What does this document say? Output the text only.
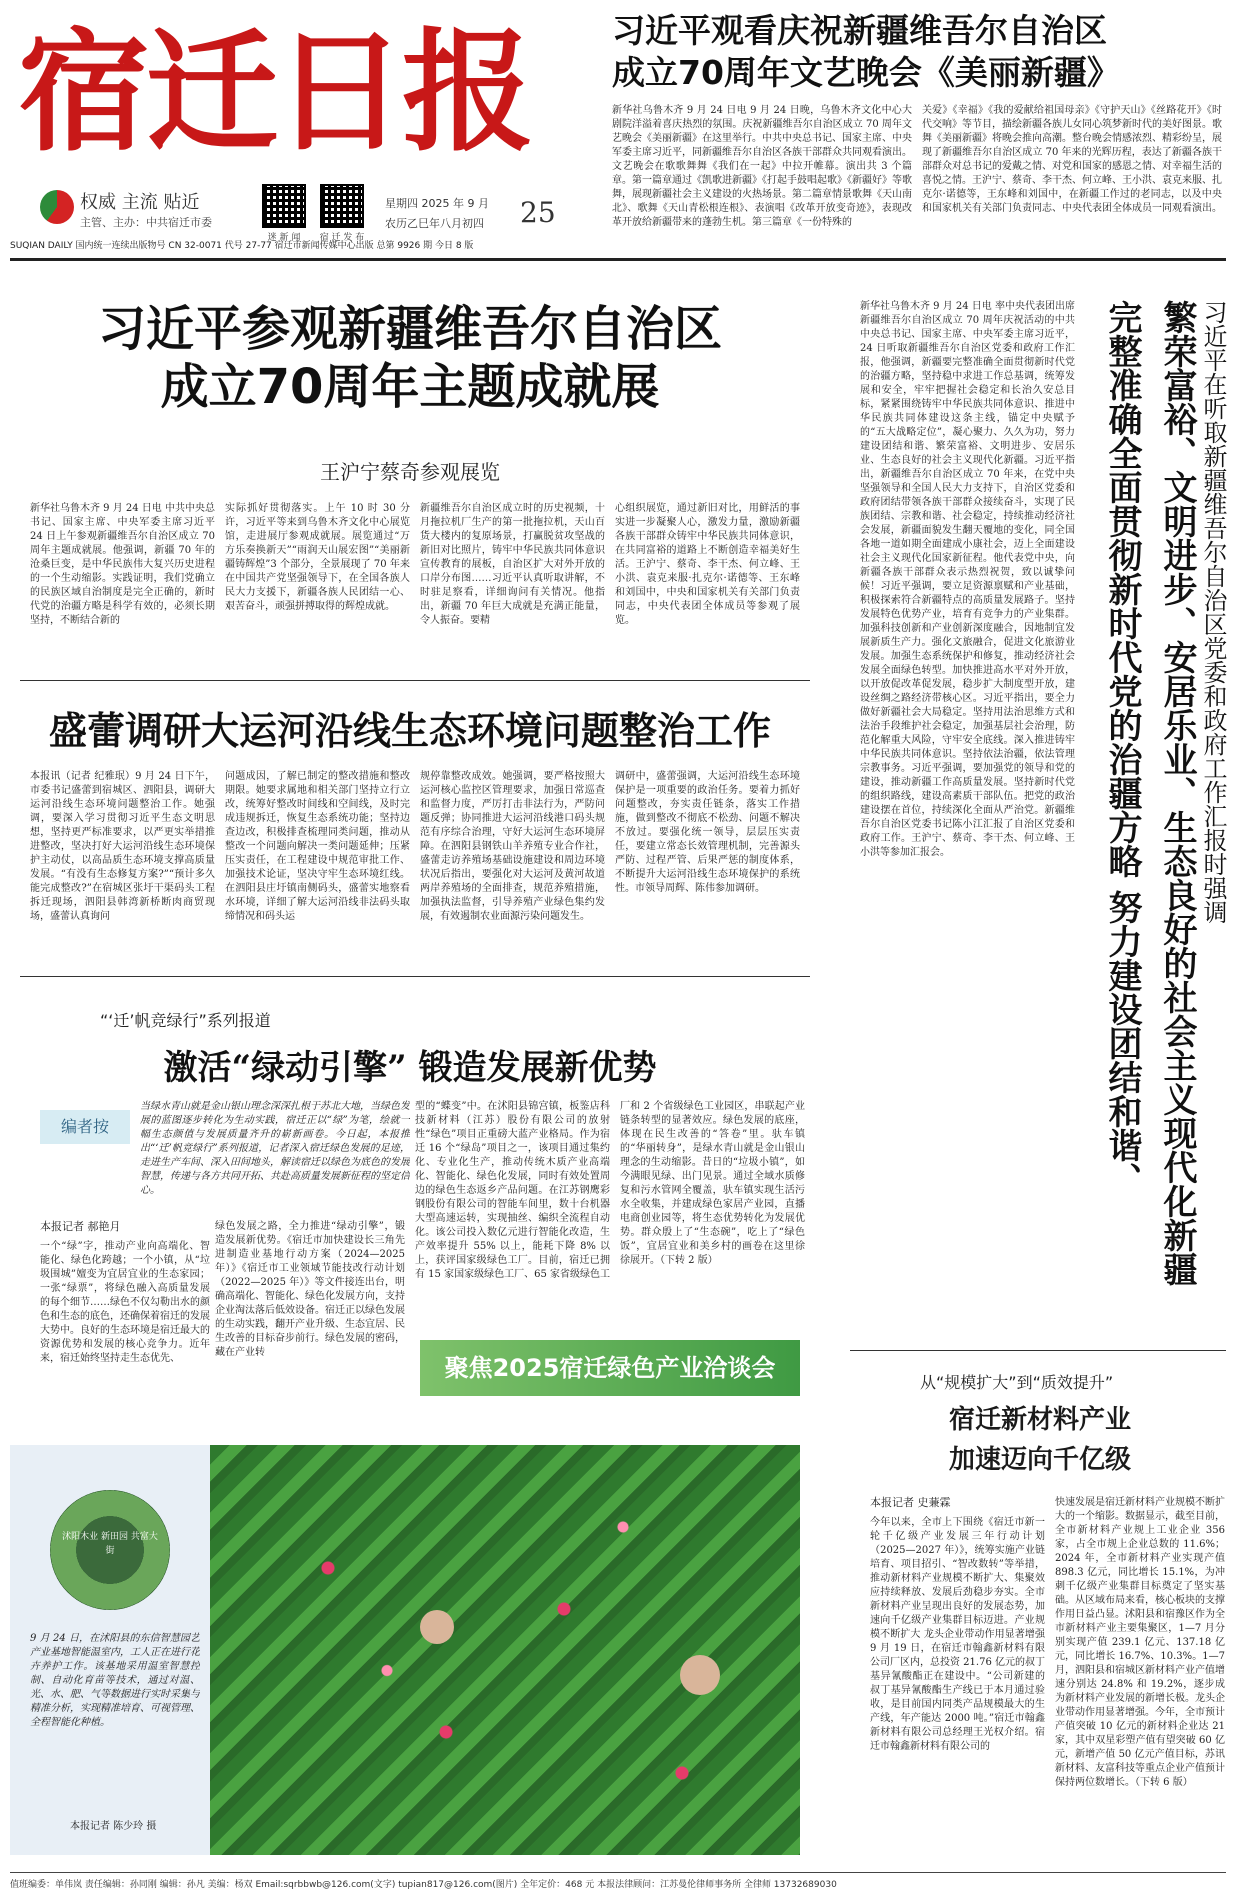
宿迁日报
权威 主流 贴近
主管、主办：中共宿迁市委
迷 新 闻	宿 迁 发 布
星期四 2025 年 9 月
农历乙巳年八月初四	25
SUQIAN DAILY 国内统一连续出版物号 CN 32-0071 代号 27-77 宿迁市新闻传媒中心出版 总第 9926 期 今日 8 版
习近平观看庆祝新疆维吾尔自治区
成立70周年文艺晚会《美丽新疆》
新华社乌鲁木齐 9 月 24 日电 9 月 24 日晚，乌鲁木齐文化中心大剧院洋溢着喜庆热烈的氛围。庆祝新疆维吾尔自治区成立 70 周年文艺晚会《美丽新疆》在这里举行。中共中央总书记、国家主席、中央军委主席习近平，同新疆维吾尔自治区各族干部群众共同观看演出。文艺晚会在歌歌舞舞《我们在一起》中拉开帷幕。演出共 3 个篇章。第一篇章通过《凯歌进新疆》《打起手鼓唱起歌》《新疆好》等歌舞，展现新疆社会主义建设的火热场景。第二篇章情景歌舞《天山南北》、歌舞《天山青松根连根》、表演唱《改革开放变奇迹》，表现改革开放给新疆带来的蓬勃生机。第三篇章《一份特殊的
关爱》《幸福》《我的爱献给祖国母亲》《守护天山》《丝路花开》《时代交响》等节目，描绘新疆各族儿女同心筑梦新时代的美好图景。歌舞《美丽新疆》将晚会推向高潮。整台晚会情感浓烈、精彩纷呈，展现了新疆维吾尔自治区成立 70 年来的光辉历程，表达了新疆各族干部群众对总书记的爱戴之情、对党和国家的感恩之情、对幸福生活的喜悦之情。王沪宁、蔡奇、李干杰、何立峰、王小洪、袁克来服、扎克尔·诺德等，王东峰和刘国中，在新疆工作过的老同志，以及中央和国家机关有关部门负责同志、中央代表团全体成员一同观看演出。
习近平参观新疆维吾尔自治区
成立70周年主题成就展
王沪宁蔡奇参观展览
新华社乌鲁木齐 9 月 24 日电 中共中央总书记、国家主席、中央军委主席习近平 24 日上午参观新疆维吾尔自治区成立 70 周年主题成就展。他强调，新疆 70 年的沧桑巨变，是中华民族伟大复兴历史进程的一个生动缩影。实践证明，我们党确立的民族区域自治制度是完全正确的，新时代党的治疆方略是科学有效的，必须长期坚持，不断结合新的
实际抓好贯彻落实。上午 10 时 30 分许，习近平等来到乌鲁木齐文化中心展览馆，走进展厅参观成就展。展览通过“万方乐奏换新天”“雨润天山展宏图”“美丽新疆铸辉煌”3 个部分，全景展现了 70 年来在中国共产党坚强领导下，在全国各族人民大力支援下，新疆各族人民团结一心、艰苦奋斗，顽强拼搏取得的辉煌成就。
新疆维吾尔自治区成立时的历史视频，十月拖拉机厂生产的第一批拖拉机，天山百货大楼内的复原场景，打赢脱贫攻坚战的新旧对比照片，铸牢中华民族共同体意识宣传教育的展板，自治区扩大对外开放的口岸分布图……习近平认真听取讲解，不时驻足察看，详细询问有关情况。他指出，新疆 70 年巨大成就是充满正能量，令人振奋。要精
心组织展览，通过新旧对比，用鲜活的事实进一步凝聚人心，激发力量，激励新疆各族干部群众铸牢中华民族共同体意识，在共同富裕的道路上不断创造幸福美好生活。王沪宁、蔡奇、李干杰、何立峰、王小洪、袁克来服·扎克尔·诺德等、王东峰和刘国中，中央和国家机关有关部门负责同志，中央代表团全体成员等参观了展览。
盛蕾调研大运河沿线生态环境问题整治工作
本报讯（记者 纪雅珉）9 月 24 日下午，市委书记盛蕾到宿城区、泗阳县，调研大运河沿线生态环境问题整治工作。她强调，要深入学习贯彻习近平生态文明思想，坚持更严标准要求，以严更实举措推进整改，坚决打好大运河沿线生态环境保护主动仗，以高品质生态环境支撑高质量发展。“有没有生态修复方案?”“预计多久能完成整改?”在宿城区张圩干渠码头工程拆迁现场，泗阳县韩湾新桥断肉商贸现场，盛蕾认真询问
问题成因，了解已制定的整改措施和整改期限。她要求属地和相关部门坚持立行立改，统筹好整改时间线和空间线，及时完成违规拆迁，恢复生态系统功能；坚持边查边改，积极排查梳理同类问题，推动从整改一个问题向解决一类问题延伸；压紧压实责任，在工程建设中规范审批工作、加强技术论证，坚决守牢生态环境红线。在泗阳县庄圩镇南侧码头，盛蕾实地察看水环境，详细了解大运河沿线非法码头取缔情况和码头运
规停靠整改成效。她强调，要严格按照大运河核心监控区管理要求，加强日常巡查和监督力度，严厉打击非法行为，严防问题反弹；协同推进大运河沿线港口码头规范有序综合治理，守好大运河生态环境屏障。在泗阳县钢铁山羊养殖专业合作社，盛蕾走访养殖场基础设施建设和周边环境状况后指出，要强化对大运河及黄河故道两岸养殖场的全面排查，规范养殖措施，加强执法监督，引导养殖产业绿色集约发展，有效遏制农业面源污染问题发生。
调研中，盛蕾强调，大运河沿线生态环境保护是一项重要的政治任务。要着力抓好问题整改，夯实责任链条，落实工作措施，做到整改不彻底不松劲、问题不解决不放过。要强化统一领导，层层压实责任，要建立常态长效管理机制，完善源头严防、过程严管、后果严惩的制度体系，不断提升大运河沿线生态环境保护的系统性。市领导周辉、陈伟参加调研。
“‘迁’帆竞绿行”系列报道
激活“绿动引擎” 锻造发展新优势
编者按
当绿水青山就是金山银山理念深深扎根于苏北大地，当绿色发展的蓝图逐步转化为生动实践，宿迁正以“绿”为笔，绘就一幅生态颜值与发展质量齐升的崭新画卷。今日起，本报推出“‘迁’帆竞绿行”系列报道，记者深入宿迁绿色发展的足迹，走进生产车间、深入田间地头，解读宿迁以绿色为底色的发展智慧，传递与各方共同开拓、共赴高质量发展新征程的坚定信心。
本报记者 郝艳月
一个“绿”字，推动产业向高端化、智能化、绿色化跨越；一个小镇，从“垃圾围城”嬗变为宜居宜业的生态家园；一张“绿票”，将绿色融入高质量发展的每个细节……绿色不仅勾勒出水的颜色和生态的底色，还确保着宿迁的发展大势中。良好的生态环境是宿迁最大的资源优势和发展的核心竞争力。近年来，宿迁始终坚持走生态优先、
绿色发展之路，全力推进“绿动引擎”，锻造发展新优势。《宿迁市加快建设长三角先进制造业基地行动方案（2024—2025 年）》《宿迁市工业领域节能技改行动计划（2022—2025 年）》等文件接连出台，明确高端化、智能化、绿色化发展方向，支持企业淘汰落后低效设备。宿迁正以绿色发展的生动实践，翻开产业升级、生态宜居、民生改善的目标奋步前行。绿色发展的密码，藏在产业转
型的“蝶变”中。在沭阳县锦宫镇，板鉴店科技新材料（江苏）股份有限公司的放射性“绿色”项目正重磅大蓝产业格局。作为宿迁 16 个“绿岛”项目之一，该项目通过集约化、专业化生产，推动传统木质产业高端化、智能化、绿色化发展，同时有效处置周边的绿色生态返乡产品问题。在江苏钢鹰彩钢股份有限公司的智能车间里，数十台机器大型高速运转，实现抽丝、编织全流程自动化。该公司投入数亿元进行智能化改造，生产效率提升 55% 以上，能耗下降 8% 以上，获评国家级绿色工厂。目前，宿迁已拥有 15 家国家级绿色工厂、65 家省级绿色工
厂和 2 个省级绿色工业园区，串联起产业链条转型的显著效应。绿色发展的底座，体现在民生改善的“答卷”里。驮车镇的“华丽转身”，是绿水青山就是金山银山理念的生动缩影。昔日的“垃圾小镇”，如今满眼见绿、出门见景。通过全域水质修复和污水管网全覆盖，驮车镇实现生活污水全收集，并建成绿色家居产业园，直播电商创业园等，将生态优势转化为发展优势。群众殷上了“生态碗”，吃上了“绿色饭”，宜居宜业和美乡村的画卷在这里徐徐展开。（下转 2 版）
聚焦2025宿迁绿色产业洽谈会
沭阳木业 新田园 共富大街
9 月 24 日，在沭阳县的东信智慧园艺产业基地智能温室内，工人正在进行花卉养护工作。该基地采用温室智慧控制、自动化育苗等技术，通过对温、光、水、肥、气等数据进行实时采集与精准分析，实现精准培育、可视管理、全程智能化种植。
本报记者 陈少玲 摄
新华社乌鲁木齐 9 月 24 日电 率中央代表团出席新疆维吾尔自治区成立 70 周年庆祝活动的中共中央总书记、国家主席、中央军委主席习近平，24 日听取新疆维吾尔自治区党委和政府工作汇报，他强调，新疆要完整准确全面贯彻新时代党的治疆方略，坚持稳中求进工作总基调，统筹发展和安全，牢牢把握社会稳定和长治久安总目标，紧紧围绕铸牢中华民族共同体意识、推进中华民族共同体建设这条主线，锚定中央赋予的“五大战略定位”，凝心聚力、久久为功，努力建设团结和谐、繁荣富裕、文明进步、安居乐业、生态良好的社会主义现代化新疆。习近平指出，新疆维吾尔自治区成立 70 年来，在党中央坚强领导和全国人民大力支持下，自治区党委和政府团结带领各族干部群众接续奋斗，实现了民族团结、宗教和谐、社会稳定，持续推动经济社会发展，新疆面貌发生翻天覆地的变化，同全国各地一道如期全面建成小康社会，迈上全面建设社会主义现代化国家新征程。他代表党中央，向新疆各族干部群众表示热烈祝贺，致以诚挚问候！习近平强调，要立足资源禀赋和产业基础，积极探索符合新疆特点的高质量发展路子。坚持发展特色优势产业，培育有竞争力的产业集群。加强科技创新和产业创新深度融合，因地制宜发展新质生产力。强化文旅融合，促进文化旅游业发展。加强生态系统保护和修复，推动经济社会发展全面绿色转型。加快推进高水平对外开放，以开放促改革促发展，稳步扩大制度型开放，建设丝绸之路经济带核心区。习近平指出，要全力做好新疆社会大局稳定。坚持用法治思维方式和法治手段维护社会稳定，加强基层社会治理，防范化解重大风险，守牢安全底线。深入推进铸牢中华民族共同体意识。坚持依法治疆，依法管理宗教事务。习近平强调，要加强党的领导和党的建设，推动新疆工作高质量发展。坚持新时代党的组织路线，建设高素质干部队伍。把党的政治建设摆在首位，持续深化全面从严治党。新疆维吾尔自治区党委书记陈小江汇报了自治区党委和政府工作。王沪宁、蔡奇、李干杰、何立峰、王小洪等参加汇报会。	完整准确全面贯彻新时代党的治疆方略 努力建设团结和谐、 繁荣富裕、文明进步、安居乐业、生态良好的社会主义现代化新疆 习近平在听取新疆维吾尔自治区党委和政府工作汇报时强调
从“规模扩大”到“质效提升”
宿迁新材料产业
加速迈向千亿级
本报记者 史蒹霖
今年以来，全市上下围绕《宿迁市新一轮千亿级产业发展三年行动计划（2025—2027 年）》，统筹实施产业链培育、项目招引、“智改数转”等举措，推动新材料产业规模不断扩大、集聚效应持续释放、发展后劲稳步夯实。全市新材料产业呈现出良好的发展态势，加速向千亿级产业集群目标迈进。产业规模不断扩大 龙头企业带动作用显著增强 9 月 19 日，在宿迁市翰鑫新材料有限公司厂区内，总投资 21.76 亿元的叔丁基异氰酸酯正在建设中。“公司新建的叔丁基异氰酸酯生产线已于本月通过验收，是目前国内同类产品规模最大的生产线，年产能达 2000 吨。”宿迁市翰鑫新材料有限公司总经理王光权介绍。宿迁市翰鑫新材料有限公司的
快速发展是宿迁新材料产业规模不断扩大的一个缩影。数据显示，截至目前，全市新材料产业规上工业企业 356 家，占全市规上企业总数的 11.6%；2024 年，全市新材料产业实现产值 898.3 亿元，同比增长 15.1%，为冲刺千亿级产业集群目标奠定了坚实基础。从区域布局来看，核心板块的支撑作用日益凸显。沭阳县和宿豫区作为全市新材料产业主要集聚区，1—7 月分别实现产值 239.1 亿元、137.18 亿元，同比增长 16.7%、10.3%。1—7 月，泗阳县和宿城区新材料产业产值增速分别达 24.8% 和 19.2%，逐步成为新材料产业发展的新增长极。龙头企业带动作用显著增强。今年，全市预计产值突破 10 亿元的新材料企业达 21 家，其中双星彩塑产值有望突破 60 亿元，新增产值 50 亿元产值目标，苏讯新材料、友富科技等重点企业产值预计保持两位数增长。（下转 6 版）
值班编委：单伟岚 责任编辑：孙同刚 编辑：孙凡 美编：杨双 Email:sqrbbwb@126.com(文字) tupian817@126.com(图片) 全年定价：468 元 本报法律顾问：江苏曼伦律师事务所 全律师 13732689030
